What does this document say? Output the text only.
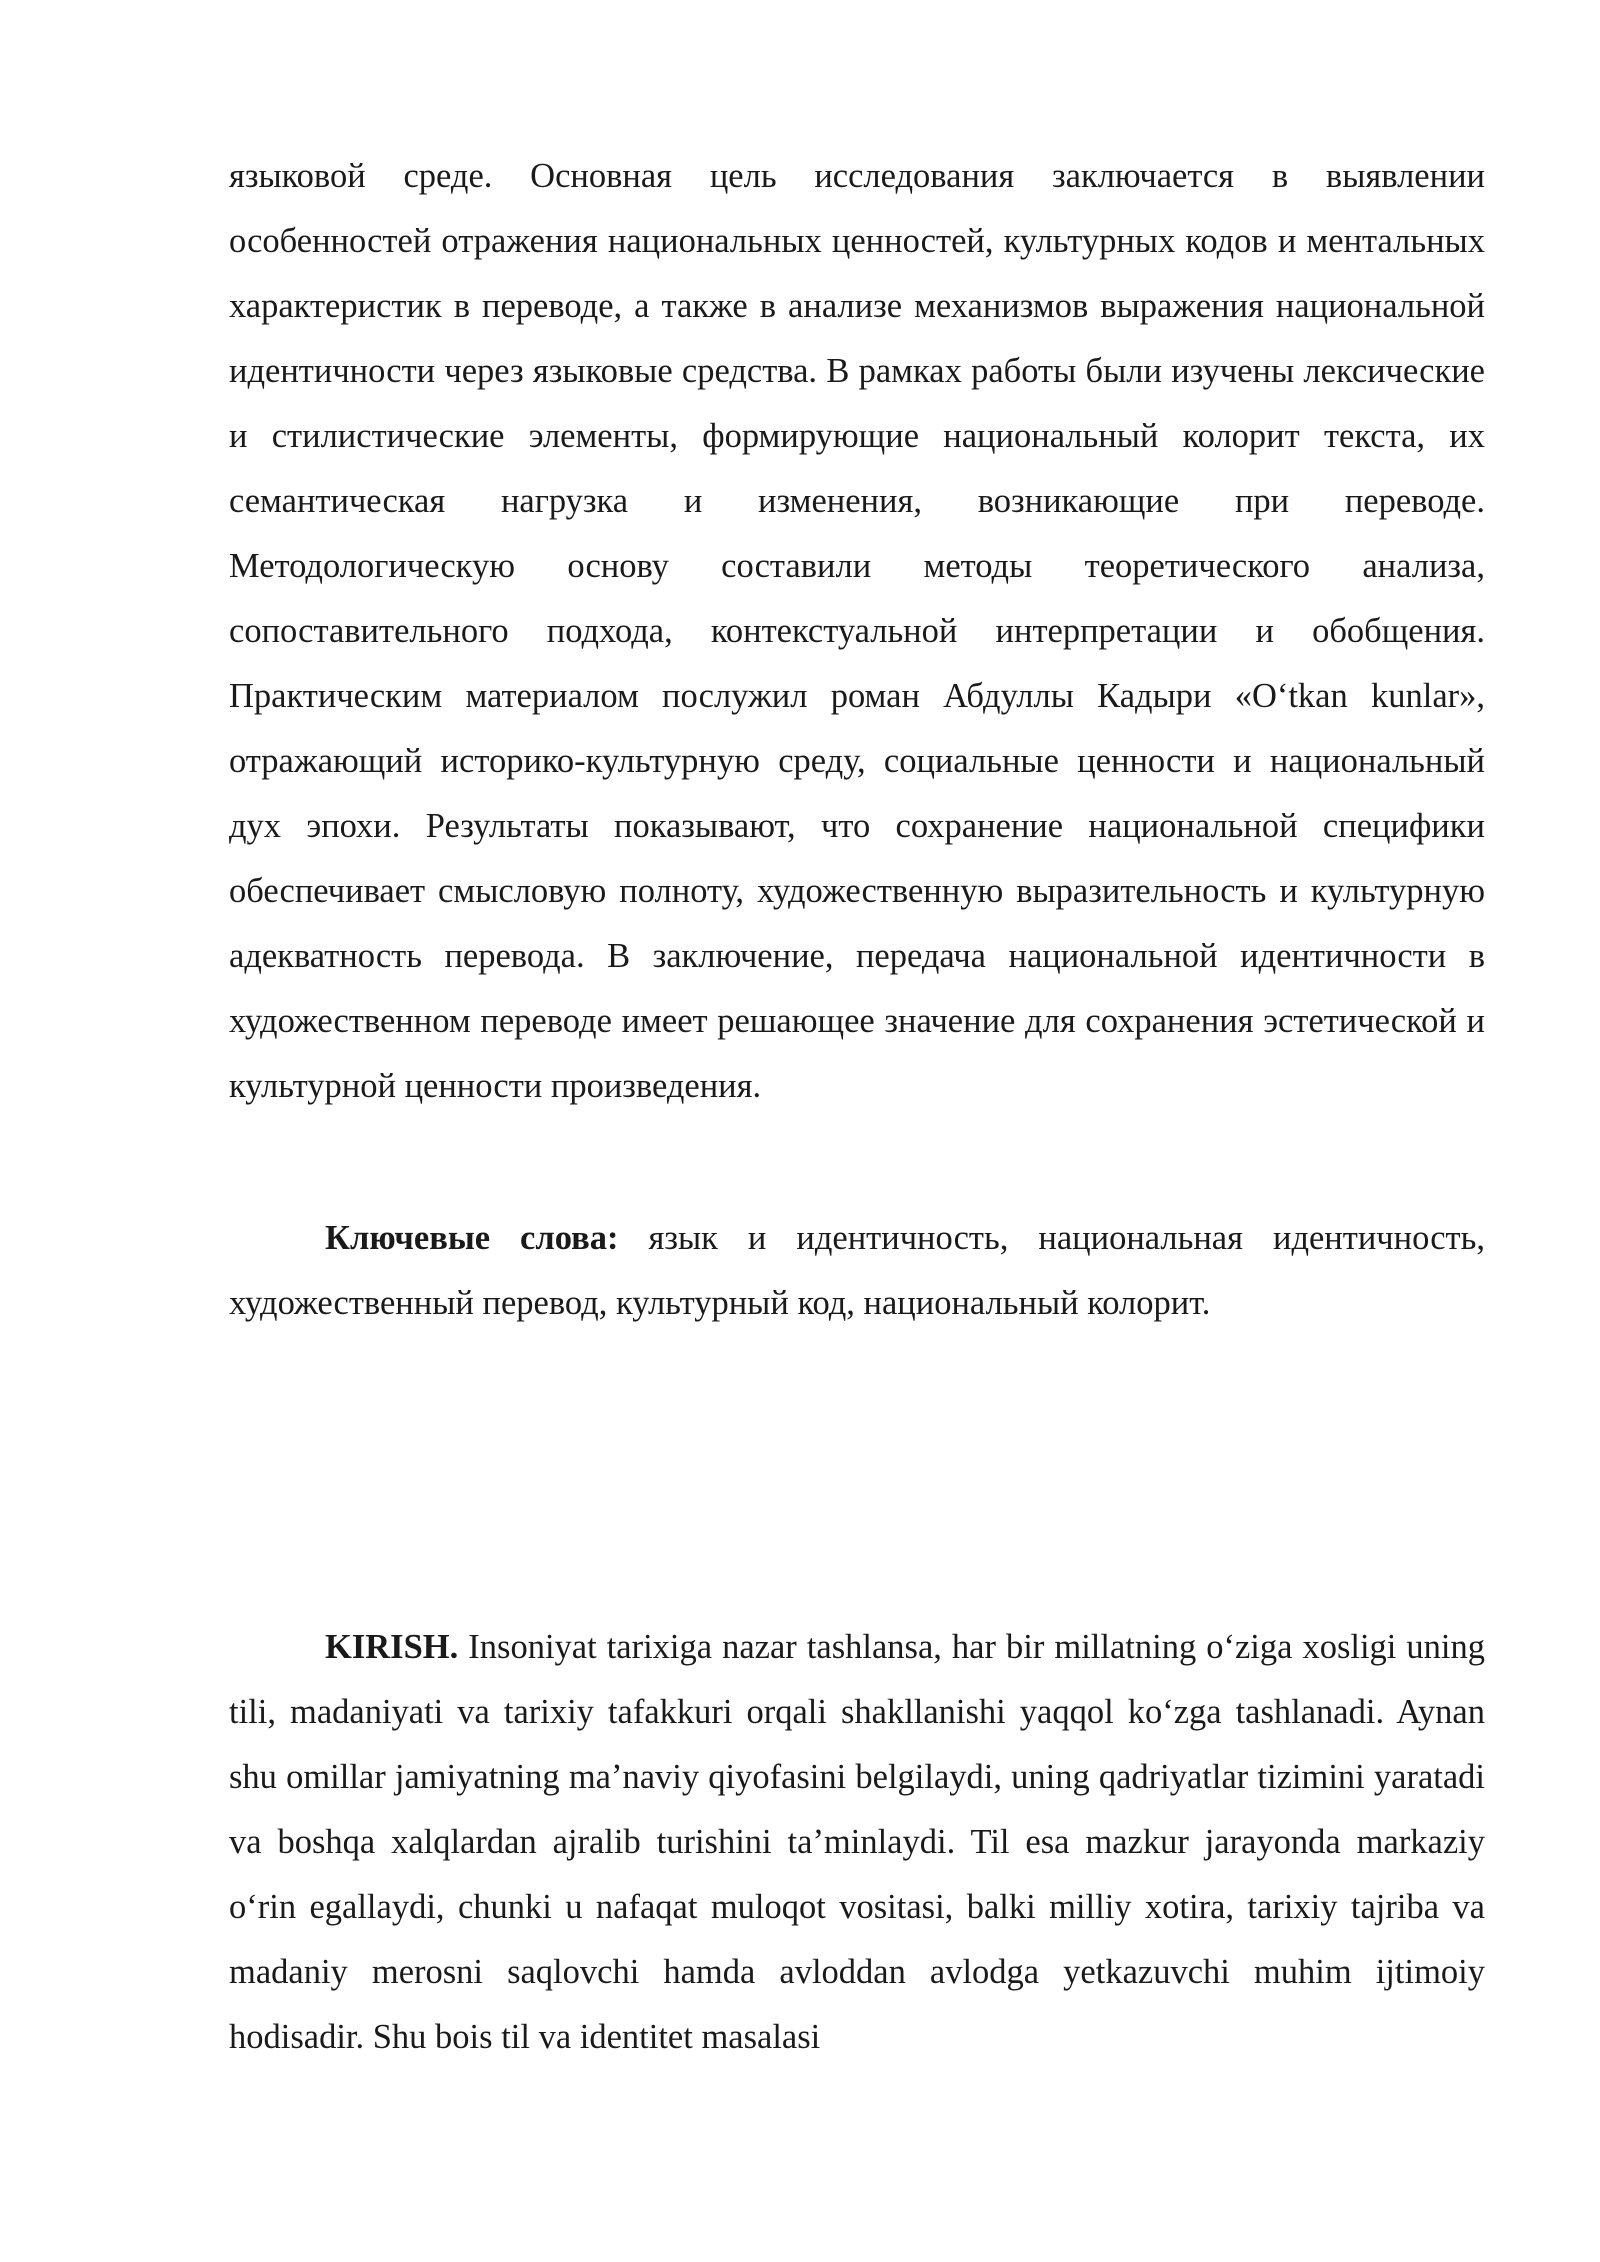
языковой среде. Основная цель исследования заключается в выявлении особенностей отражения национальных ценностей, культурных кодов и ментальных характеристик в переводе, а также в анализе механизмов выражения национальной идентичности через языковые средства. В рамках работы были изучены лексические и стилистические элементы, формирующие национальный колорит текста, их семантическая нагрузка и изменения, возникающие при переводе. Методологическую основу составили методы теоретического анализа, сопоставительного подхода, контекстуальной интерпретации и обобщения. Практическим материалом послужил роман Абдуллы Кадыри «Oʻtkan kunlar», отражающий историко-культурную среду, социальные ценности и национальный дух эпохи. Результаты показывают, что сохранение национальной специфики обеспечивает смысловую полноту, художественную выразительность и культурную адекватность перевода. В заключение, передача национальной идентичности в художественном переводе имеет решающее значение для сохранения эстетической и культурной ценности произведения.

Ключевые слова: язык и идентичность, национальная идентичность, художественный перевод, культурный код, национальный колорит.

KIRISH. Insoniyat tarixiga nazar tashlansa, har bir millatning oʻziga xosligi uning tili, madaniyati va tarixiy tafakkuri orqali shakllanishi yaqqol koʻzga tashlanadi. Aynan shu omillar jamiyatning maʼnaviy qiyofasini belgilaydi, uning qadriyatlar tizimini yaratadi va boshqa xalqlardan ajralib turishini taʼminlaydi. Til esa mazkur jarayonda markaziy oʻrin egallaydi, chunki u nafaqat muloqot vositasi, balki milliy xotira, tarixiy tajriba va madaniy merosni saqlovchi hamda avloddan avlodga yetkazuvchi muhim ijtimoiy hodisadir. Shu bois til va identitet masalasi
